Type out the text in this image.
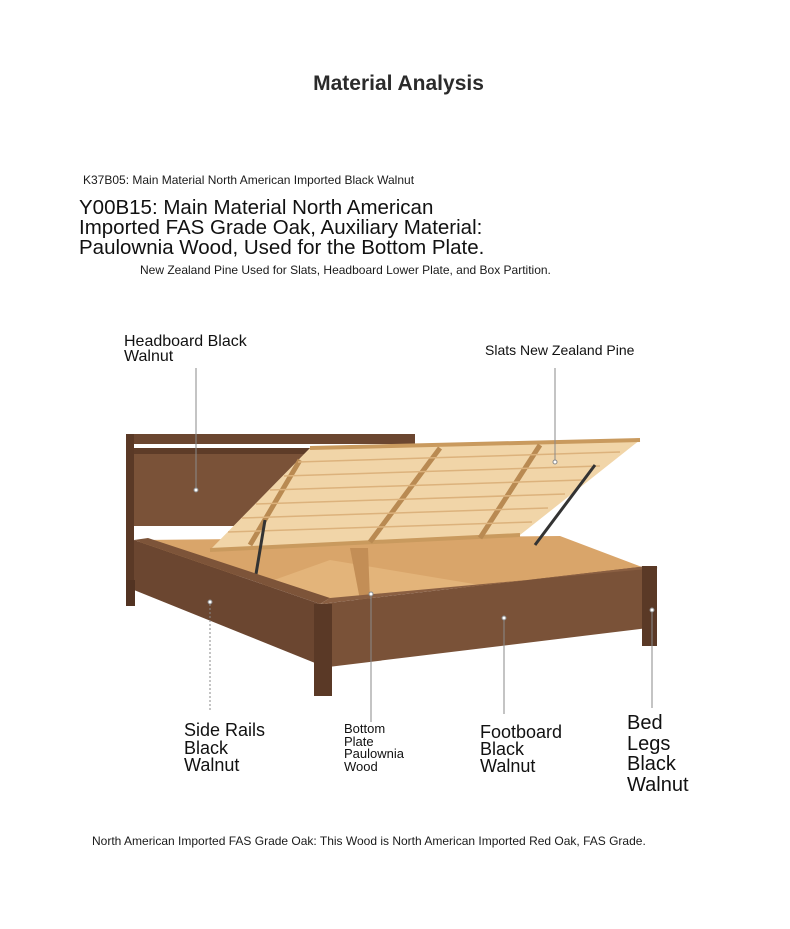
Material Analysis
K37B05: Main Material North American Imported Black Walnut
Y00B15: Main Material North American
Imported FAS Grade Oak, Auxiliary Material:
Paulownia Wood, Used for the Bottom Plate.
New Zealand Pine Used for Slats, Headboard Lower Plate, and Box Partition.
Headboard Black
Walnut	Slats New Zealand Pine
Side Rails
Black
Walnut
Bottom
Plate
Paulownia
Wood
Footboard
Black
Walnut
Bed
Legs
Black
Walnut
North American Imported FAS Grade Oak: This Wood is North American Imported Red Oak, FAS Grade.
